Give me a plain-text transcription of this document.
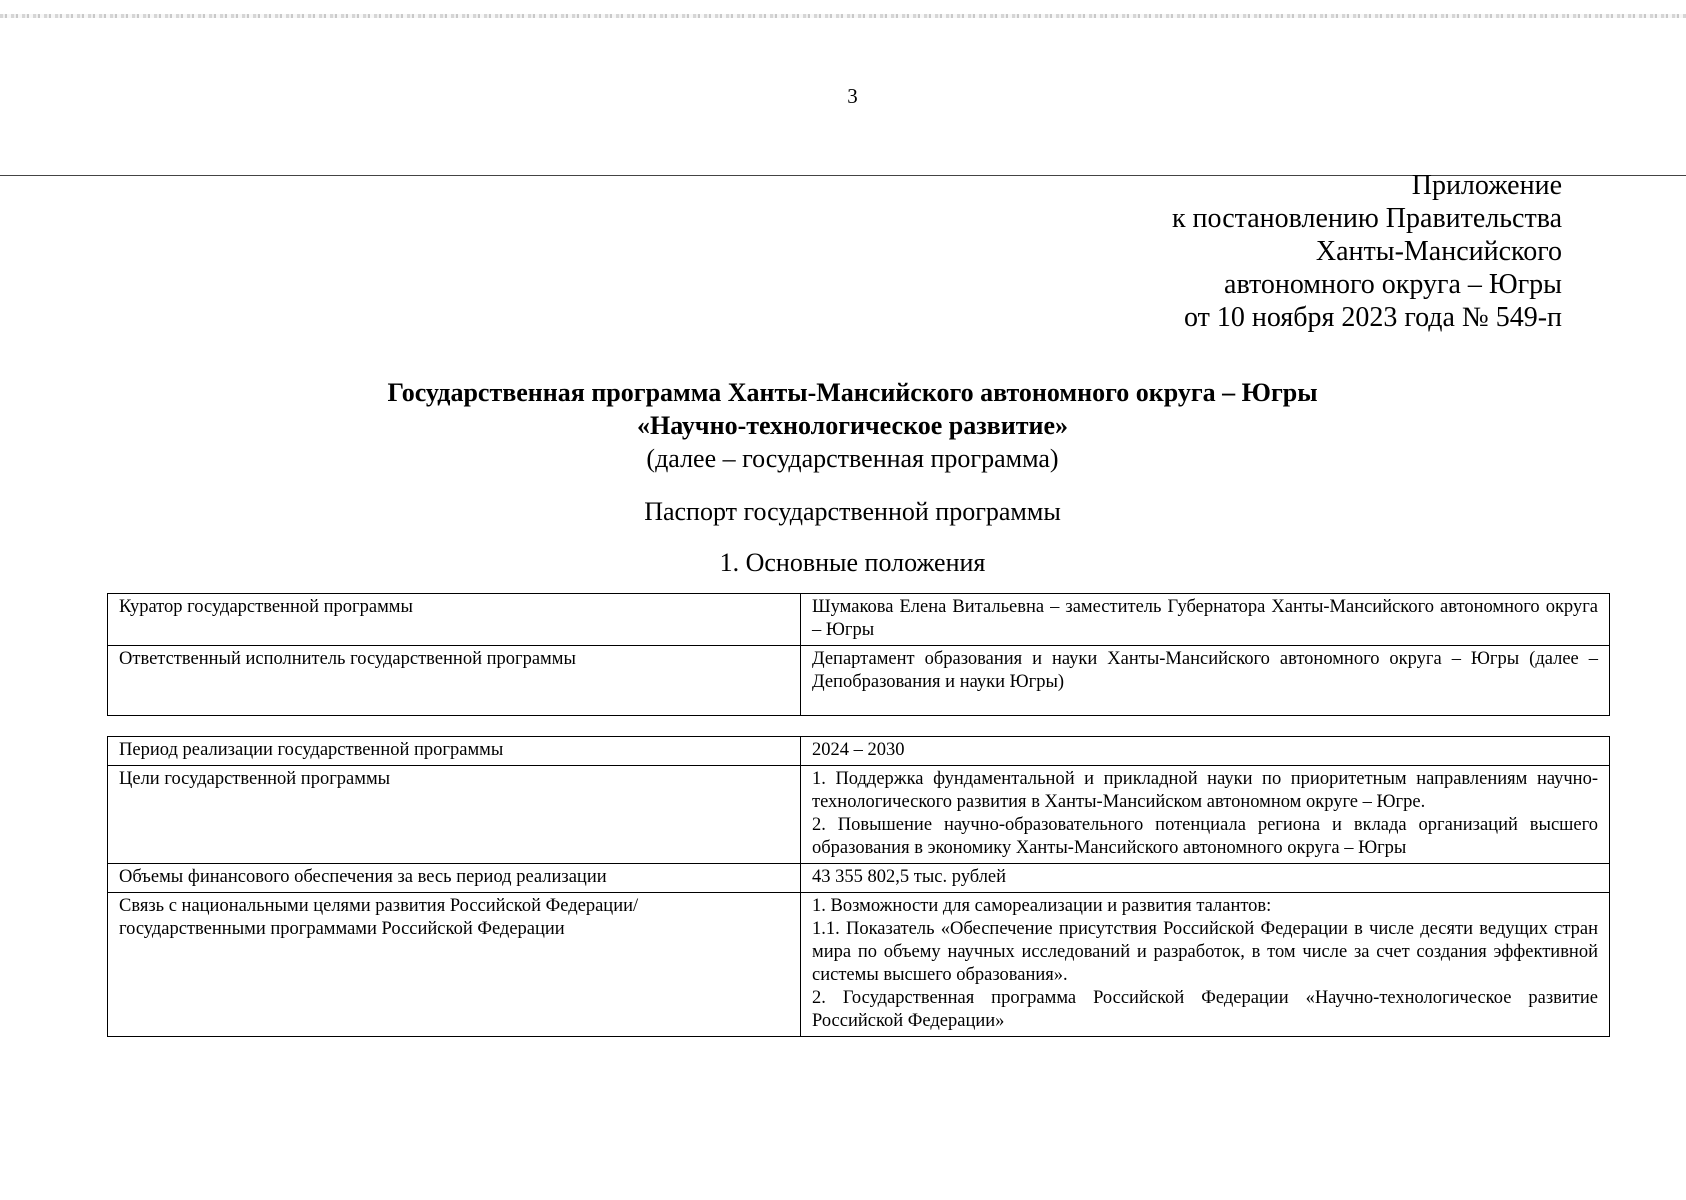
3
Приложение
к постановлению Правительства
Ханты-Мансийского
автономного округа – Югры
от 10 ноября 2023 года № 549-п
Государственная программа Ханты-Мансийского автономного округа – Югры
«Научно-технологическое развитие»
(далее – государственная программа)
Паспорт государственной программы
1. Основные положения
Куратор государственной программы	Шумакова Елена Витальевна – заместитель Губернатора Ханты-Мансийского автономного округа – Югры

Ответственный исполнитель государственной программы	Департамент образования и науки Ханты-Мансийского автономного округа – Югры (далее – Депобразования и науки Югры)

Период реализации государственной программы	2024 – 2030

Цели государственной программы	1. Поддержка фундаментальной и прикладной науки по приоритетным направлениям научно-технологического развития в Ханты-Мансийском автономном округе – Югре.

2. Повышение научно-образовательного потенциала региона и вклада организаций высшего образования в экономику Ханты-Мансийского автономного округа – Югры

Объемы финансового обеспечения за весь период реализации	43 355 802,5 тыс. рублей

Связь с национальными целями развития Российской Федерации/ государственными программами Российской Федерации	1. Возможности для самореализации и развития талантов:

1.1. Показатель «Обеспечение присутствия Российской Федерации в числе десяти ведущих стран мира по объему научных исследований и разработок, в том числе за счет создания эффективной системы высшего образования».

2. Государственная программа Российской Федерации «Научно-технологическое развитие Российской Федерации»
